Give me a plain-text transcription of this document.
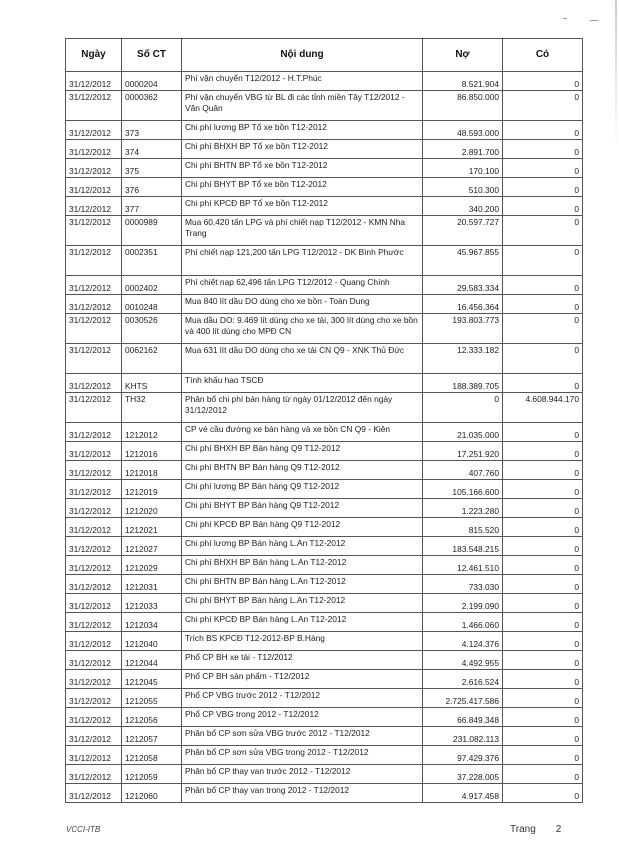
Ngày	Số CT	Nội dung	Nợ	Có
31/12/2012	0000204	Phí vận chuyển T12/2012 - H.T.Phúc	8.521.904	0
31/12/2012	0000362	Phí vận chuyển VBG từ BL đi các tỉnh miền Tây T12/2012 - Văn Quân	86.850.000	0
31/12/2012	373	Chi phí lương BP Tổ xe bồn T12-2012	48.593.000	0
31/12/2012	374	Chi phí BHXH BP Tổ xe bồn T12-2012	2.891.700	0
31/12/2012	375	Chi phí BHTN BP Tổ xe bồn T12-2012	170.100	0
31/12/2012	376	Chi phí BHYT BP Tổ xe bồn T12-2012	510.300	0
31/12/2012	377	Chi phí KPCĐ BP Tổ xe bồn T12-2012	340.200	0
31/12/2012	0000989	Mua 60,420 tấn LPG và phí chiết nạp T12/2012 - KMN Nha Trang	20.597.727	0
31/12/2012	0002351	Phí chiết nạp 121,200 tấn LPG T12/2012 - DK Bình Phước	45.967.855	0
31/12/2012	0002402	Phí chiết nạp 62,496 tấn LPG T12/2012 - Quang Chính	29.583.334	0
31/12/2012	0010248	Mua 840 lít dầu DO dùng cho xe bồn - Toàn Dung	16.456.364	0
31/12/2012	0030526	Mua dầu DO: 9.469 lít dùng cho xe tải, 300 lít dùng cho xe bồn và 400 lít dùng cho MPĐ CN	193.803.773	0
31/12/2012	0062162	Mua 631 lít dầu DO dùng cho xe tải CN Q9 - XNK Thủ Đức	12.333.182	0
31/12/2012	KHTS	Tính khấu hao TSCĐ	188.389.705	0
31/12/2012	TH32	Phân bổ chi phí bán hàng từ ngày 01/12/2012 đến ngày 31/12/2012	0	4.608.944.170
31/12/2012	1212012	CP vé cầu đường xe bán hàng và xe bồn CN Q9 - Kiên	21.035.000	0
31/12/2012	1212016	Chi phí BHXH BP Bán hàng Q9 T12-2012	17.251.920	0
31/12/2012	1212018	Chi phí BHTN BP Bán hàng Q9 T12-2012	407.760	0
31/12/2012	1212019	Chi phí lương BP Bán hàng Q9 T12-2012	105.166.600	0
31/12/2012	1212020	Chi phí BHYT BP Bán hàng Q9 T12-2012	1.223.280	0
31/12/2012	1212021	Chi phí KPCĐ BP Bán hàng Q9 T12-2012	815.520	0
31/12/2012	1212027	Chi phí lương BP Bán hàng L.An T12-2012	183.548.215	0
31/12/2012	1212029	Chi phí BHXH BP Bán hàng L.An T12-2012	12.461.510	0
31/12/2012	1212031	Chi phí BHTN BP Bán hàng L.An T12-2012	733.030	0
31/12/2012	1212033	Chi phí BHYT BP Bán hàng L.An T12-2012	2.199.090	0
31/12/2012	1212034	Chi phí KPCĐ BP Bán hàng L.An T12-2012	1.466.060	0
31/12/2012	1212040	Trích BS KPCĐ T12-2012-BP B.Hàng	4.124.376	0
31/12/2012	1212044	Phổ CP BH xe tải - T12/2012	4.492.955	0
31/12/2012	1212045	Phổ CP BH sản phẩm - T12/2012	2.616.524	0
31/12/2012	1212055	Phổ CP VBG trước 2012 - T12/2012	2.725.417.586	0
31/12/2012	1212056	Phổ CP VBG trong 2012 - T12/2012	66.849.348	0
31/12/2012	1212057	Phân bổ CP sơn sửa VBG trước 2012 - T12/2012	231.082.113	0
31/12/2012	1212058	Phân bổ CP sơn sửa VBG trong 2012 - T12/2012	97.429.376	0
31/12/2012	1212059	Phân bổ CP thay van trước 2012 - T12/2012	37.228.005	0
31/12/2012	1212060	Phân bổ CP thay van trong 2012 - T12/2012	4.917.458	0
VCCI-ITB	Trang 2
